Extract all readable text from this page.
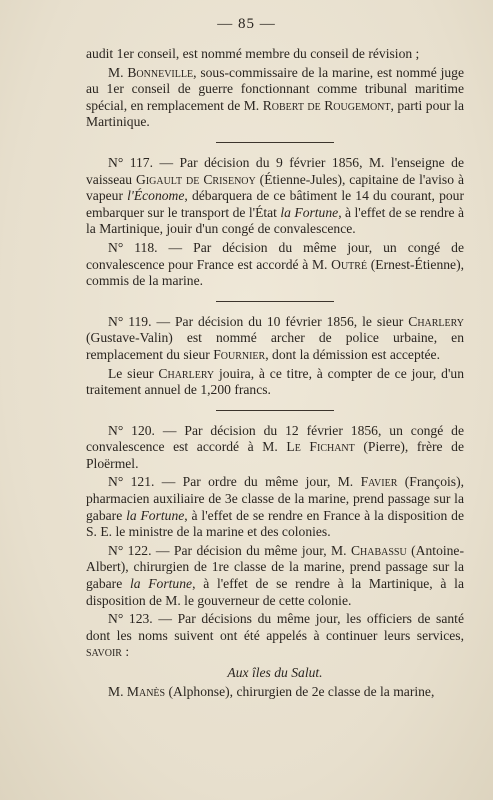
— 85 —

audit 1er conseil, est nommé membre du conseil de révision ;

M. Bonneville, sous-commissaire de la marine, est nommé juge au 1er conseil de guerre fonctionnant comme tribunal maritime spécial, en remplacement de M. Robert de Rougemont, parti pour la Martinique.

N° 117. — Par décision du 9 février 1856, M. l'enseigne de vaisseau Gigault de Crisenoy (Étienne-Jules), capitaine de l'aviso à vapeur l'Économe, débarquera de ce bâtiment le 14 du courant, pour embarquer sur le transport de l'État la Fortune, à l'effet de se rendre à la Martinique, jouir d'un congé de convalescence.

N° 118. — Par décision du même jour, un congé de convalescence pour France est accordé à M. Outré (Ernest-Étienne), commis de la marine.

N° 119. — Par décision du 10 février 1856, le sieur Charlery (Gustave-Valin) est nommé archer de police urbaine, en remplacement du sieur Fournier, dont la démission est acceptée.

Le sieur Charlery jouira, à ce titre, à compter de ce jour, d'un traitement annuel de 1,200 francs.

N° 120. — Par décision du 12 février 1856, un congé de convalescence est accordé à M. Le Fichant (Pierre), frère de Ploërmel.

N° 121. — Par ordre du même jour, M. Favier (François), pharmacien auxiliaire de 3e classe de la marine, prend passage sur la gabare la Fortune, à l'effet de se rendre en France à la disposition de S. E. le ministre de la marine et des colonies.

N° 122. — Par décision du même jour, M. Chabassu (Antoine-Albert), chirurgien de 1re classe de la marine, prend passage sur la gabare la Fortune, à l'effet de se rendre à la Martinique, à la disposition de M. le gouverneur de cette colonie.

N° 123. — Par décisions du même jour, les officiers de santé dont les noms suivent ont été appelés à continuer leurs services, savoir :

Aux îles du Salut.

M. Manès (Alphonse), chirurgien de 2e classe de la marine,
